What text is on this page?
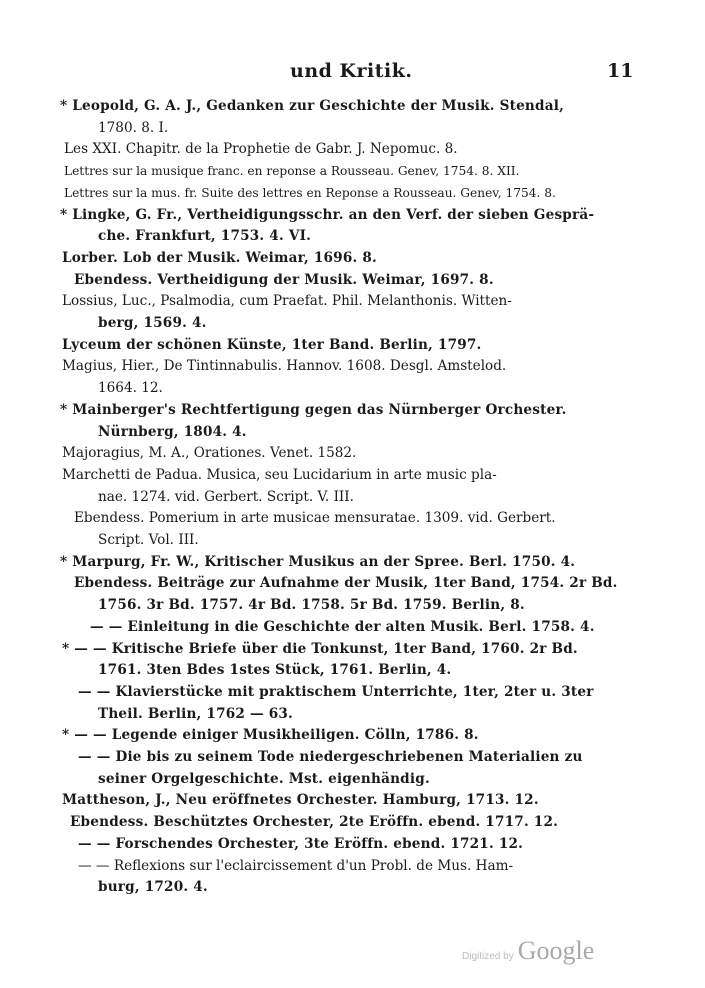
und Kritik.	11
* Leopold, G. A. J., Gedanken zur Geschichte der Musik. Stendal,
1780. 8. I.
Les XXI. Chapitr. de la Prophetie de Gabr. J. Nepomuc. 8.
Lettres sur la musique franc. en reponse a Rousseau. Genev, 1754. 8. XII.
Lettres sur la mus. fr. Suite des lettres en Reponse a Rousseau. Genev, 1754. 8.
* Lingke, G. Fr., Vertheidigungsschr. an den Verf. der sieben Gesprä-
che. Frankfurt, 1753. 4. VI.
Lorber. Lob der Musik. Weimar, 1696. 8.
Ebendess. Vertheidigung der Musik. Weimar, 1697. 8.
Lossius, Luc., Psalmodia, cum Praefat. Phil. Melanthonis. Witten-
berg, 1569. 4.
Lyceum der schönen Künste, 1ter Band. Berlin, 1797.
Magius, Hier., De Tintinnabulis. Hannov. 1608. Desgl. Amstelod.
1664. 12.
* Mainberger's Rechtfertigung gegen das Nürnberger Orchester.
Nürnberg, 1804. 4.
Majoragius, M. A., Orationes. Venet. 1582.
Marchetti de Padua. Musica, seu Lucidarium in arte music pla-
nae. 1274. vid. Gerbert. Script. V. III.
Ebendess. Pomerium in arte musicae mensuratae. 1309. vid. Gerbert.
Script. Vol. III.
* Marpurg, Fr. W., Kritischer Musikus an der Spree. Berl. 1750. 4.
Ebendess. Beiträge zur Aufnahme der Musik, 1ter Band, 1754. 2r Bd.
1756. 3r Bd. 1757. 4r Bd. 1758. 5r Bd. 1759. Berlin, 8.
— — Einleitung in die Geschichte der alten Musik. Berl. 1758. 4.
* — — Kritische Briefe über die Tonkunst, 1ter Band, 1760. 2r Bd.
1761. 3ten Bdes 1stes Stück, 1761. Berlin, 4.
— — Klavierstücke mit praktischem Unterrichte, 1ter, 2ter u. 3ter
Theil. Berlin, 1762 — 63.
* — — Legende einiger Musikheiligen. Cölln, 1786. 8.
— — Die bis zu seinem Tode niedergeschriebenen Materialien zu
seiner Orgelgeschichte. Mst. eigenhändig.
Mattheson, J., Neu eröffnetes Orchester. Hamburg, 1713. 12.
Ebendess. Beschütztes Orchester, 2te Eröffn. ebend. 1717. 12.
— — Forschendes Orchester, 3te Eröffn. ebend. 1721. 12.
— — Reflexions sur l'eclaircissement d'un Probl. de Mus. Ham-
burg, 1720. 4.
Digitized by Google
